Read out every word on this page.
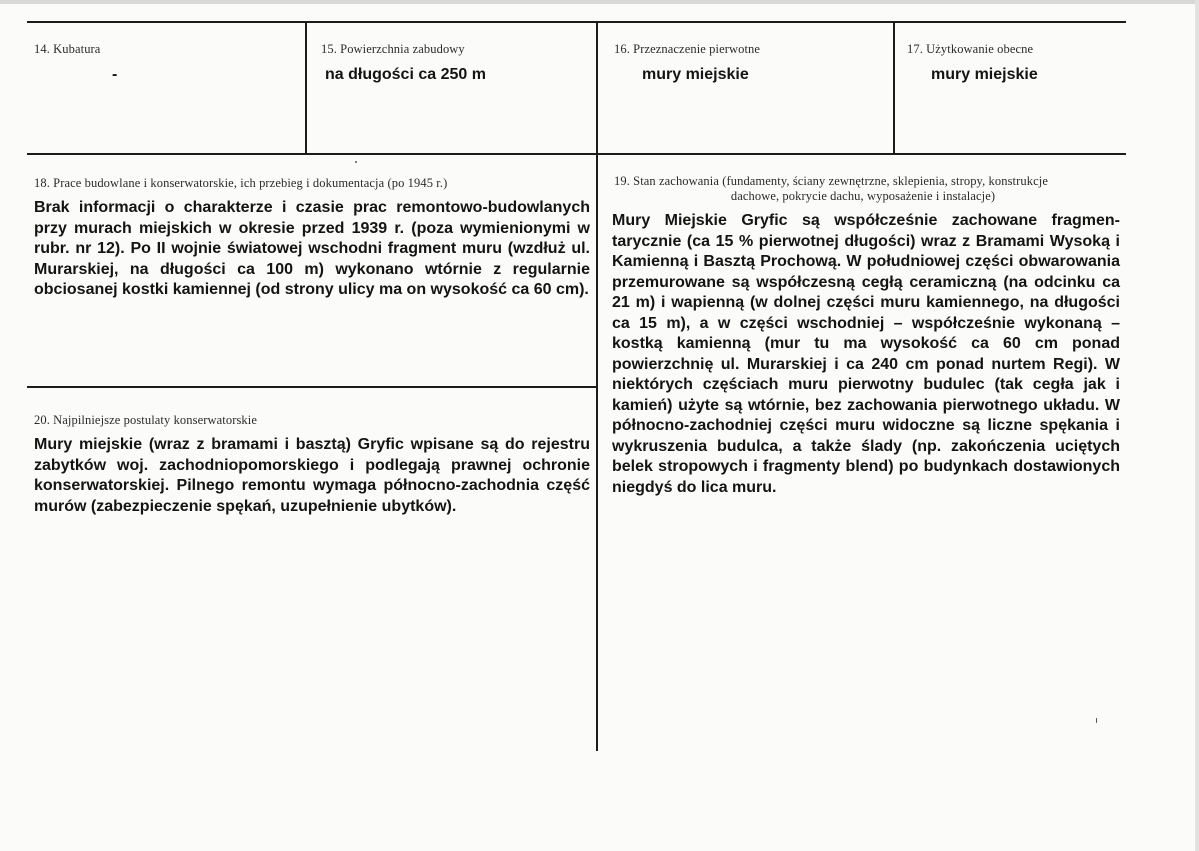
14. Kubatura
-
15. Powierzchnia zabudowy
na długości ca 250 m
16. Przeznaczenie pierwotne
mury miejskie
17. Użytkowanie obecne
mury miejskie
18. Prace budowlane i konserwatorskie, ich przebieg i dokumentacja (po 1945 r.)
Brak informacji o charakterze i czasie prac remontowo-budowlanych przy murach miejskich w okresie przed 1939 r. (poza wymienionymi w rubr. nr 12). Po II wojnie światowej wschodni fragment muru (wzdłuż ul. Murarskiej, na długości ca 100 m) wykonano wtórnie z regularnie obciosanej kostki kamiennej (od strony ulicy ma on wysokość ca 60 cm).
20. Najpilniejsze postulaty konserwatorskie
Mury miejskie (wraz z bramami i basztą) Gryfic wpisane są do rejestru zabytków woj. zachodniopomorskiego i podlegają prawnej ochronie konserwatorskiej. Pilnego remontu wymaga północno-zachodnia część murów (zabezpieczenie spękań, uzupełnienie ubytków).
19. Stan zachowania (fundamenty, ściany zewnętrzne, sklepienia, stropy, konstrukcje
dachowe, pokrycie dachu, wyposażenie i instalacje)
Mury Miejskie Gryfic są współcześnie zachowane fragmentarycznie (ca 15 % pierwotnej długości) wraz z Bramami Wysoką i Kamienną i Basztą Prochową. W południowej części obwarowania przemurowane są współczesną cegłą ceramiczną (na odcinku ca 21 m) i wapienną (w dolnej części muru kamiennego, na długości ca 15 m), a w części wschodniej – współcześnie wykonaną – kostką kamienną (mur tu ma wysokość ca 60 cm ponad powierzchnię ul. Murarskiej i ca 240 cm ponad nurtem Regi). W niektórych częściach muru pierwotny budulec (tak cegła jak i kamień) użyte są wtórnie, bez zachowania pierwotnego układu. W północno-zachodniej części muru widoczne są liczne spękania i wykruszenia budulca, a także ślady (np. zakończenia uciętych belek stropowych i fragmenty blend) po budynkach dostawionych niegdyś do lica muru.
